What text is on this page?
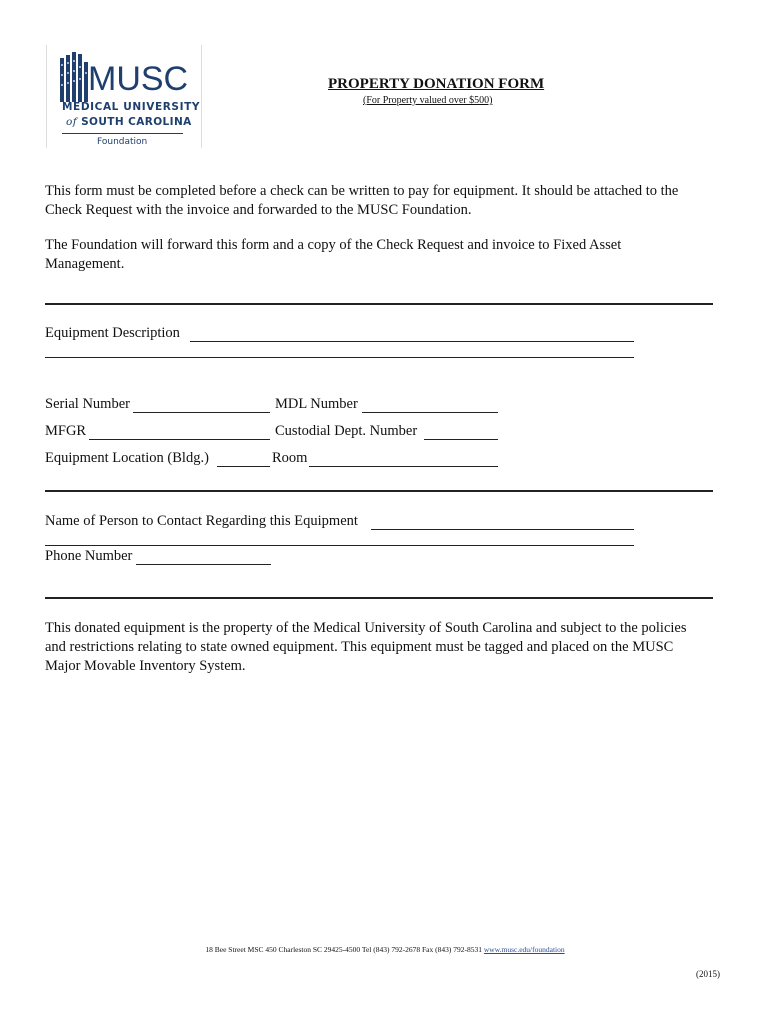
MUSC
MEDICAL UNIVERSITY
of SOUTH CAROLINA
Foundation
PROPERTY DONATION FORM
(For Property valued over $500)
This form must be completed before a check can be written to pay for equipment. It should be attached to the
Check Request with the invoice and forwarded to the MUSC Foundation.
The Foundation will forward this form and a copy of the Check Request and invoice to Fixed Asset
Management.
Equipment Description
Serial Number	MDL Number
MFGR	Custodial Dept. Number
Equipment Location (Bldg.)	Room
Name of Person to Contact Regarding this Equipment
Phone Number
This donated equipment is the property of the Medical University of South Carolina and subject to the policies
and restrictions relating to state owned equipment. This equipment must be tagged and placed on the MUSC
Major Movable Inventory System.
18 Bee Street MSC 450 Charleston SC 29425-4500 Tel (843) 792-2678 Fax (843) 792-8531 www.musc.edu/foundation
(2015)
